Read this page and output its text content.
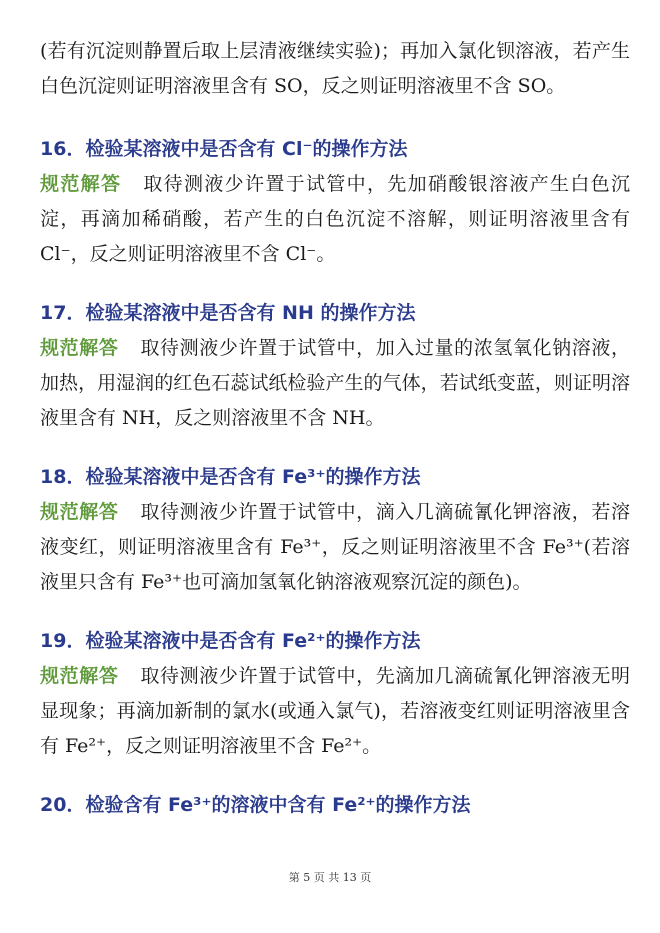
(若有沉淀则静置后取上层清液继续实验)；再加入氯化钡溶液，若产生白色沉淀则证明溶液里含有 SO，反之则证明溶液里不含 SO。

16．检验某溶液中是否含有 Cl⁻的操作方法

规范解答 取待测液少许置于试管中，先加硝酸银溶液产生白色沉淀，再滴加稀硝酸，若产生的白色沉淀不溶解，则证明溶液里含有 Cl⁻，反之则证明溶液里不含 Cl⁻。

17．检验某溶液中是否含有 NH 的操作方法

规范解答 取待测液少许置于试管中，加入过量的浓氢氧化钠溶液，加热，用湿润的红色石蕊试纸检验产生的气体，若试纸变蓝，则证明溶液里含有 NH，反之则溶液里不含 NH。

18．检验某溶液中是否含有 Fe³⁺的操作方法

规范解答 取待测液少许置于试管中，滴入几滴硫氰化钾溶液，若溶液变红，则证明溶液里含有 Fe³⁺，反之则证明溶液里不含 Fe³⁺(若溶液里只含有 Fe³⁺也可滴加氢氧化钠溶液观察沉淀的颜色)。

19．检验某溶液中是否含有 Fe²⁺的操作方法

规范解答 取待测液少许置于试管中，先滴加几滴硫氰化钾溶液无明显现象；再滴加新制的氯水(或通入氯气)，若溶液变红则证明溶液里含有 Fe²⁺，反之则证明溶液里不含 Fe²⁺。

20．检验含有 Fe³⁺的溶液中含有 Fe²⁺的操作方法

第 5 页 共 13 页
